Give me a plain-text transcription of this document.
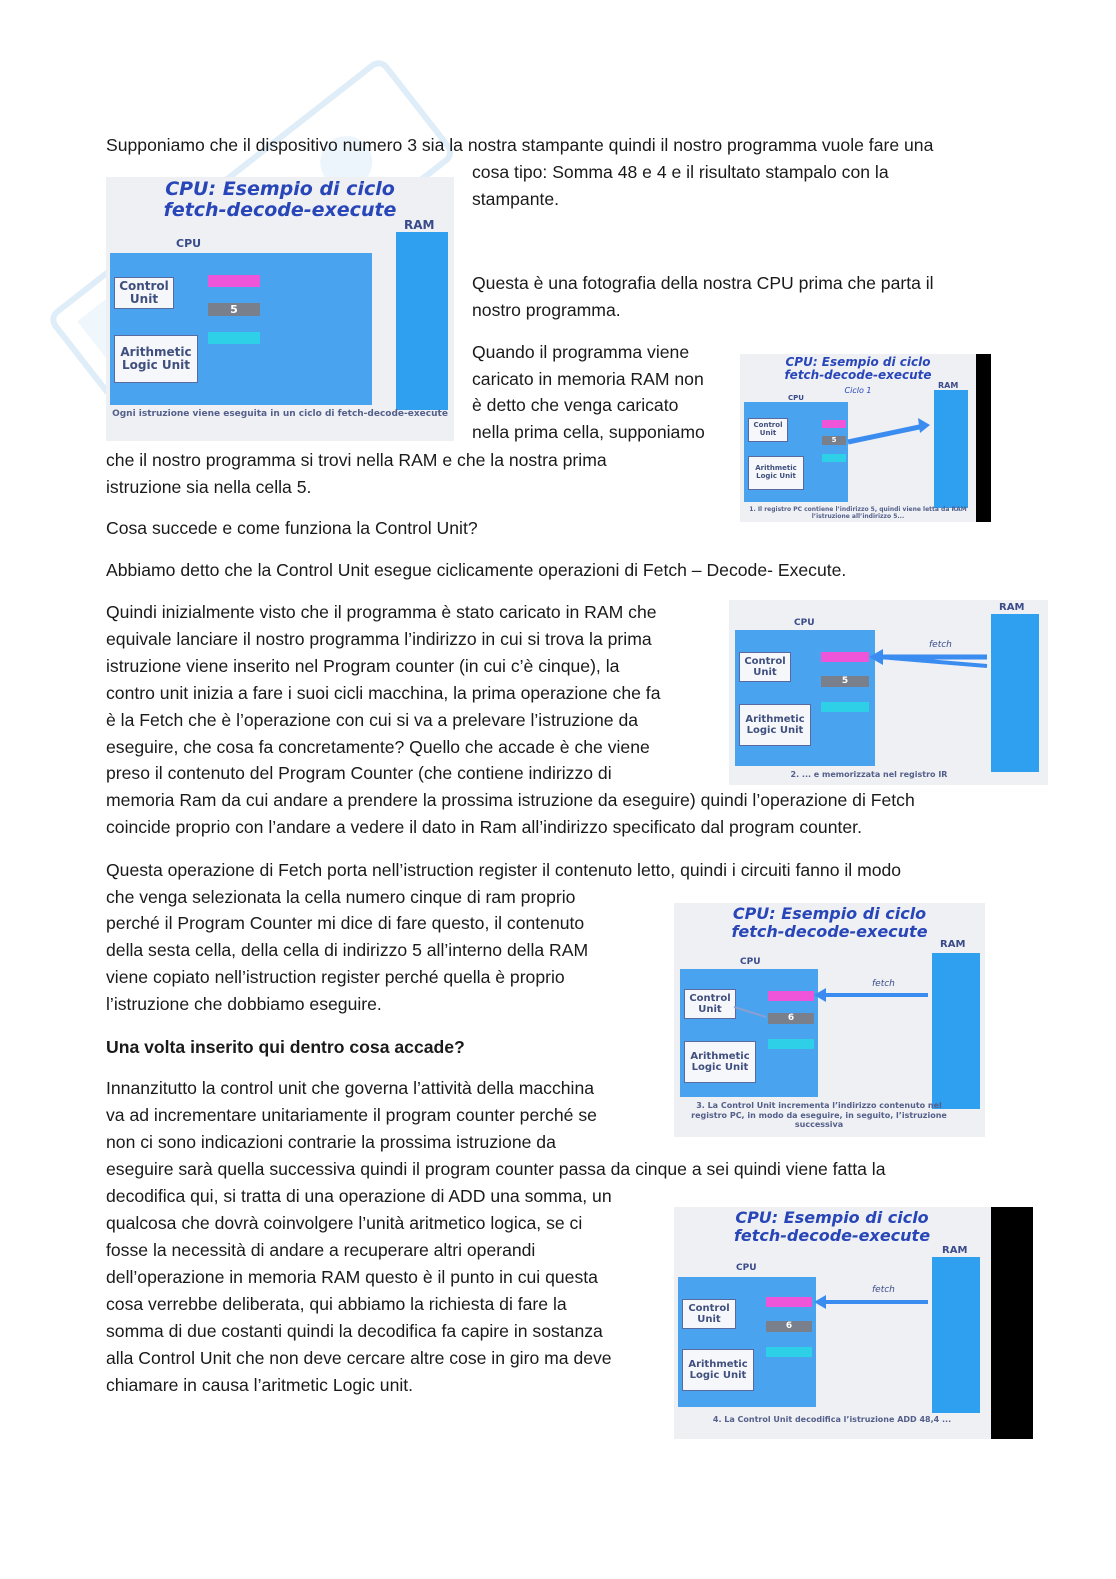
Supponiamo che il dispositivo numero 3 sia la nostra stampante quindi il nostro programma vuole fare una

cosa tipo: Somma 48 e 4 e il risultato stampalo con la

stampante.

Questa è una fotografia della nostra CPU prima che parta il

nostro programma.

Quando il programma viene

caricato in memoria RAM non

è detto che venga caricato

nella prima cella, supponiamo

che il nostro programma si trovi nella RAM e che la nostra prima

istruzione sia nella cella 5.

Cosa succede e come funziona la Control Unit?

Abbiamo detto che la Control Unit esegue ciclicamente operazioni di Fetch – Decode- Execute.

Quindi inizialmente visto che il programma è stato caricato in RAM che

equivale lanciare il nostro programma l’indirizzo in cui si trova la prima

istruzione viene inserito nel Program counter (in cui c’è cinque), la

contro unit inizia a fare i suoi cicli macchina, la prima operazione che fa

è la Fetch che è l’operazione con cui si va a prelevare l’istruzione da

eseguire, che cosa fa concretamente? Quello che accade è che viene

preso il contenuto del Program Counter (che contiene indirizzo di

memoria Ram da cui andare a prendere la prossima istruzione da eseguire) quindi l’operazione di Fetch

coincide proprio con l’andare a vedere il dato in Ram all’indirizzo specificato dal program counter.

Questa operazione di Fetch porta nell’istruction register il contenuto letto, quindi i circuiti fanno il modo

che venga selezionata la cella numero cinque di ram proprio

perché il Program Counter mi dice di fare questo, il contenuto

della sesta cella, della cella di indirizzo 5 all’interno della RAM

viene copiato nell’istruction register perché quella è proprio

l’istruzione che dobbiamo eseguire.

Una volta inserito qui dentro cosa accade?

Innanzitutto la control unit che governa l’attività della macchina

va ad incrementare unitariamente il program counter perché se

non ci sono indicazioni contrarie la prossima istruzione da

eseguire sarà quella successiva quindi il program counter passa da cinque a sei quindi viene fatta la

decodifica qui, si tratta di una operazione di ADD una somma, un

qualcosa che dovrà coinvolgere l’unità aritmetico logica, se ci

fosse la necessità di andare a recuperare altri operandi

dell’operazione in memoria RAM questo è il punto in cui questa

cosa verrebbe deliberata, qui abbiamo la richiesta di fare la

somma di due costanti quindi la decodifica fa capire in sostanza

alla Control Unit che non deve cercare altre cose in giro ma deve

chiamare in causa l’aritmetic Logic unit.

CPU: Esempio di ciclo
fetch-decode-execute
CPU
RAM
Control Unit
5
Arithmetic Logic Unit
Ogni istruzione viene eseguita in un ciclo di fetch-decode-execute
CPU: Esempio di ciclo
fetch-decode-execute
Ciclo 1
CPU
RAM
Control Unit
5
Arithmetic Logic Unit
1. Il registro PC contiene l’indirizzo 5, quindi viene letta da RAM l’istruzione all’indirizzo 5...
RAM
CPU
Control Unit
5
Arithmetic Logic Unit
fetch
2. ... e memorizzata nel registro IR
CPU: Esempio di ciclo
fetch-decode-execute
CPU
RAM
Control Unit
6
Arithmetic Logic Unit
fetch
3. La Control Unit incrementa l’indirizzo contenuto nel registro PC, in modo da eseguire, in seguito, l’istruzione successiva
CPU: Esempio di ciclo
fetch-decode-execute
CPU
RAM
Control Unit
6
Arithmetic Logic Unit
fetch
4. La Control Unit decodifica l’istruzione ADD 48,4 ...
